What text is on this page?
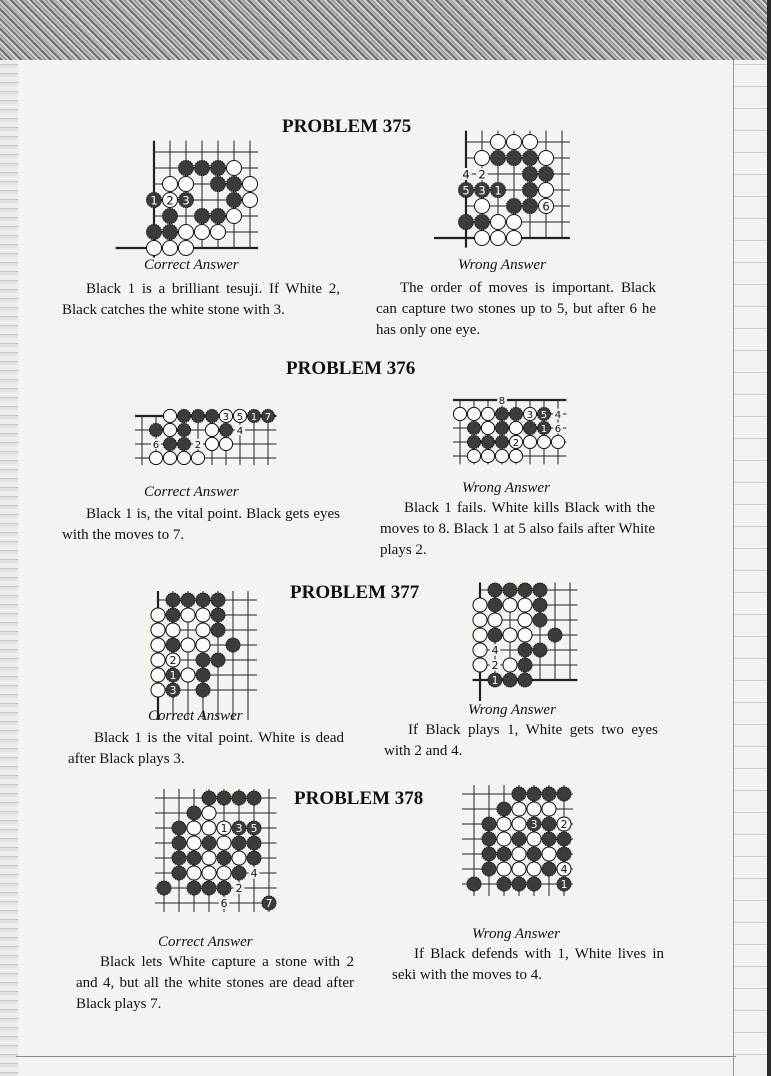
PROBLEM 375
1 2 3
Correct Answer
Black 1 is a brilliant tesuji. If White 2, Black catches the white stone with 3.
4 2
5 3 1
6
Wrong Answer
The order of moves is important. Black can capture two stones up to 5, but after 6 he has only one eye.
PROBLEM 376
3 5 1 7
4
6	2
Correct Answer
Black 1 is, the vital point. Black gets eyes with the moves to 7.
8
3 5 4
1 6
2
Wrong Answer
Black 1 fails. White kills Black with the moves to 8. Black 1 at 5 also fails after White plays 2.
PROBLEM 377
2
1
3
Correct Answer
Black 1 is the vital point. White is dead after Black plays 3.
4
2
1
Wrong Answer
If Black plays 1, White gets two eyes with 2 and 4.
PROBLEM 378
1 3 5
4
2
6	7
Correct Answer
Black lets White capture a stone with 2 and 4, but all the white stones are dead after Black plays 7.
3 2
4
1
Wrong Answer
If Black defends with 1, White lives in seki with the moves to 4.
